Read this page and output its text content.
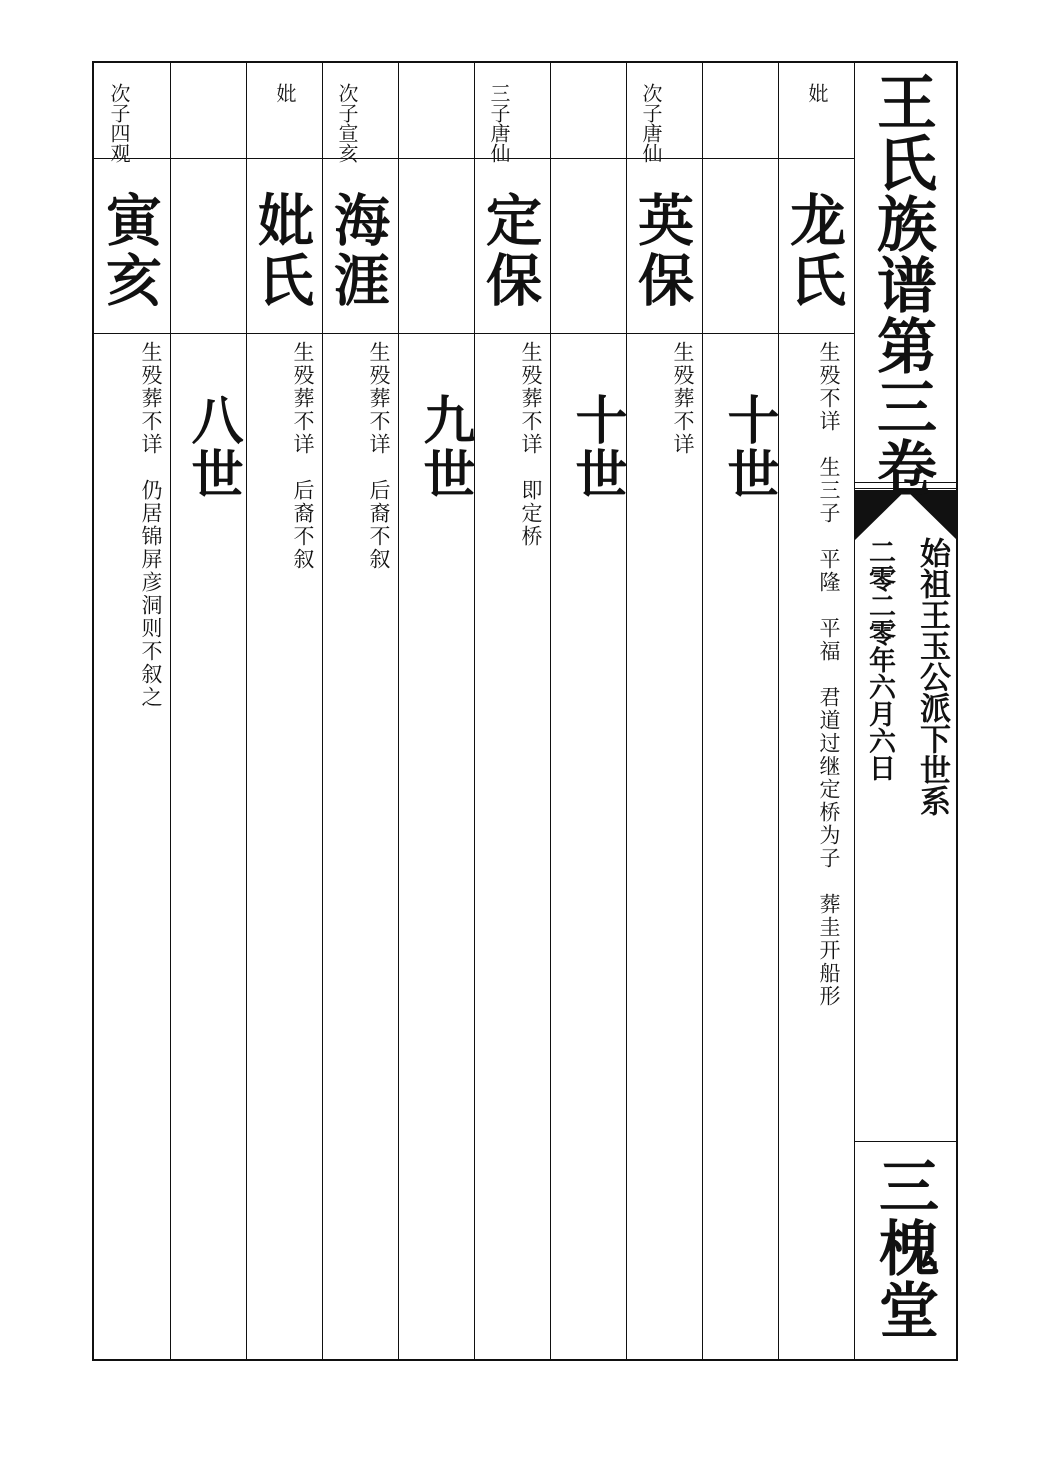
王氏族谱第三卷
始祖王玉公派下世系
二零二零年六月六日
三槐堂
妣
龙氏
生殁不详　生三子　平隆　平福　君道过继定桥为子　葬圭开船形
十世
次子唐仙
英保
生殁葬不详
十世
三子唐仙
定保
生殁葬不详　即定桥
九世
次子宣亥
海涯
生殁葬不详　后裔不叙
妣
妣氏
生殁葬不详　后裔不叙
八世
次子四观
寅亥
生殁葬不详　仍居锦屏彦洞则不叙之
